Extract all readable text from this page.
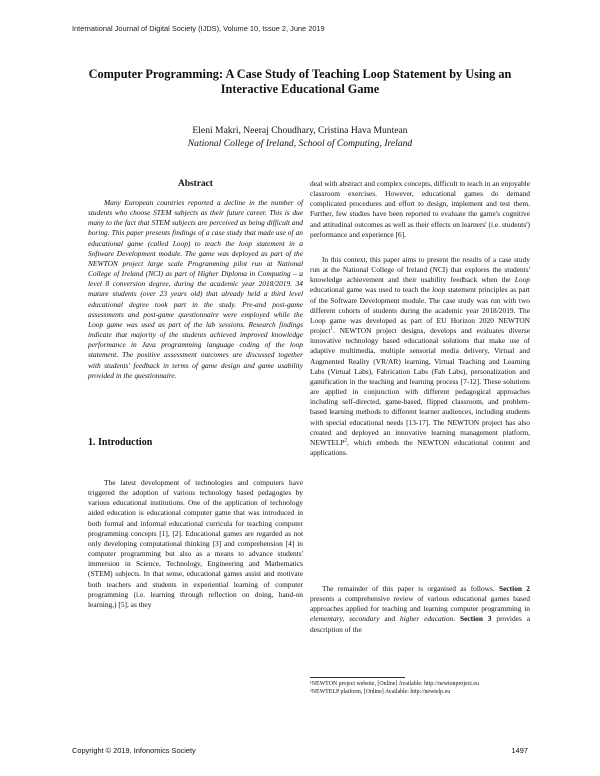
International Journal of Digital Society (IJDS), Volume 10, Issue 2, June 2019
Computer Programming: A Case Study of Teaching Loop Statement by Using an Interactive Educational Game
Eleni Makri, Neeraj Choudhary, Cristina Hava Muntean
National College of Ireland, School of Computing, Ireland
Abstract
Many European countries reported a decline in the number of students who choose STEM subjects as their future career. This is due many to the fact that STEM subjects are perceived as being difficult and boring. This paper presents findings of a case study that made use of an educational game (called Loop) to teach the loop statement in a Software Development module. The game was deployed as part of the NEWTON project large scale Programming pilot run at National College of Ireland (NCI) as part of Higher Diploma in Computing – a level 8 conversion degree, during the academic year 2018/2019. 34 mature students (over 23 years old) that already held a third level educational degree took part in the study. Pre-and post-game assessments and post-game questionnaire were employed while the Loop game was used as part of the lab sessions. Research findings indicate that majority of the students achieved improved knowledge performance in Java programming language coding of the loop statement. The positive assessment outcomes are discussed together with students' feedback in terms of game design and game usability provided in the questionnaire.
1. Introduction
The latest development of technologies and computers have triggered the adoption of various technology based pedagogies by various educational institutions. One of the application of technology aided education is educational computer game that was introduced in both formal and informal educational curricula for teaching computer programming concepts [1], [2]. Educational games are regarded as not only developing computational thinking [3] and comprehension [4] in computer programming but also as a means to advance students' immersion in Science, Technology, Engineering and Mathematics (STEM) subjects. In that sense, educational games assist and motivate both teachers and students in experiential learning of computer programming (i.e. learning through reflection on doing, hand-on learning,) [5], as they
deal with abstract and complex concepts, difficult to teach in an enjoyable classroom exercises. However, educational games do demand complicated procedures and effort to design, implement and test them. Further, few studies have been reported to evaluate the game's cognitive and attitudinal outcomes as well as their effects on learners' (i.e. students') performance and experience [6].
In this context, this paper aims to present the results of a case study run at the National College of Ireland (NCI) that explores the students' knowledge achievement and their usability feedback when the Loop educational game was used to teach the loop statement principles as part of the Software Development module. The case study was run with two different cohorts of students during the academic year 2018/2019. The Loop game was developed as part of EU Horizon 2020 NEWTON project$^1$. NEWTON project designs, develops and evaluates diverse innovative technology based educational solutions that make use of adaptive multimedia, multiple sensorial media delivery, Virtual and Augmented Reality (VR/AR) learning, Virtual Teaching and Learning Labs (Virtual Labs), Fabrication Labs (Fab Labs), personalization and gamification in the teaching and learning process [7-12]. These solutions are applied in conjunction with different pedagogical approaches including self-directed, game-based, flipped classroom, and problem-based learning methods to different learner audiences, including students with special educational needs [13-17]. The NEWTON project has also created and deployed an innovative learning management platform, NEWTELP$^2$, which embeds the NEWTON educational content and applications.
The remainder of this paper is organised as follows. Section 2 presents a comprehensive review of various educational games based approaches applied for teaching and learning computer programming in elementary, secondary and higher education. Section 3 provides a description of the
¹NEWTON project website, [Online] Available: http://newtonproject.eu
²NEWTELP platform, [Online] Available: http://newtelp.eu
Copyright © 2019, Infonomics Society	1497
